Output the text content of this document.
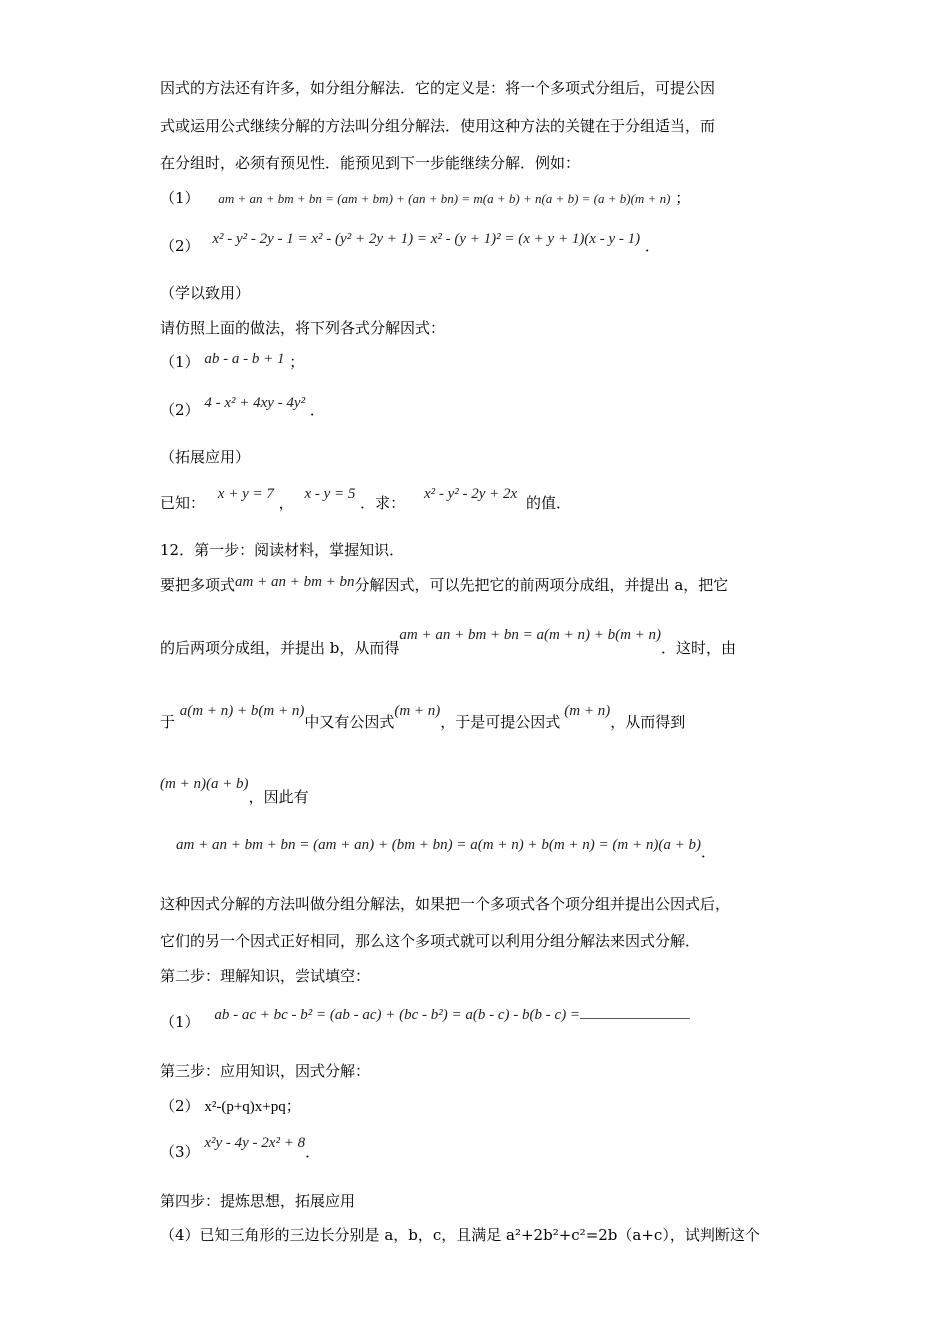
因式的方法还有许多，如分组分解法．它的定义是：将一个多项式分组后，可提公因
式或运用公式继续分解的方法叫分组分解法．使用这种方法的关键在于分组适当，而
在分组时，必须有预见性．能预见到下一步能继续分解．例如：
（1） am + an + bm + bn = (am + bm) + (an + bn) = m(a + b) + n(a + b) = (a + b)(m + n) ；
（2） x² - y² - 2y - 1 = x² - (y² + 2y + 1) = x² - (y + 1)² = (x + y + 1)(x - y - 1) ．
（学以致用）
请仿照上面的做法，将下列各式分解因式：
（1） ab - a - b + 1 ；
（2） 4 - x² + 4xy - 4y² ．
（拓展应用）
已知： x + y = 7 ， x - y = 5 ．求： x² - y² - 2y + 2x 的值．
12．第一步：阅读材料，掌握知识．
要把多项式am + an + bm + bn分解因式，可以先把它的前两项分成组，并提出 a，把它
的后两项分成组，并提出 b，从而得am + an + bm + bn = a(m + n) + b(m + n)．这时，由
于 a(m + n) + b(m + n)中又有公因式(m + n)，于是可提公因式(m + n)，从而得到
(m + n)(a + b)，因此有
am + an + bm + bn = (am + an) + (bm + bn) = a(m + n) + b(m + n) = (m + n)(a + b)．
这种因式分解的方法叫做分组分解法，如果把一个多项式各个项分组并提出公因式后，
它们的另一个因式正好相同，那么这个多项式就可以利用分组分解法来因式分解．
第二步：理解知识，尝试填空：
（1） ab - ac + bc - b² = (ab - ac) + (bc - b²) = a(b - c) - b(b - c) =
第三步：应用知识，因式分解：
（2） x²-(p+q)x+pq；
（3） x²y - 4y - 2x² + 8．
第四步：提炼思想，拓展应用
（4）已知三角形的三边长分别是 a，b，c，且满足 a²+2b²+c²=2b（a+c），试判断这个
